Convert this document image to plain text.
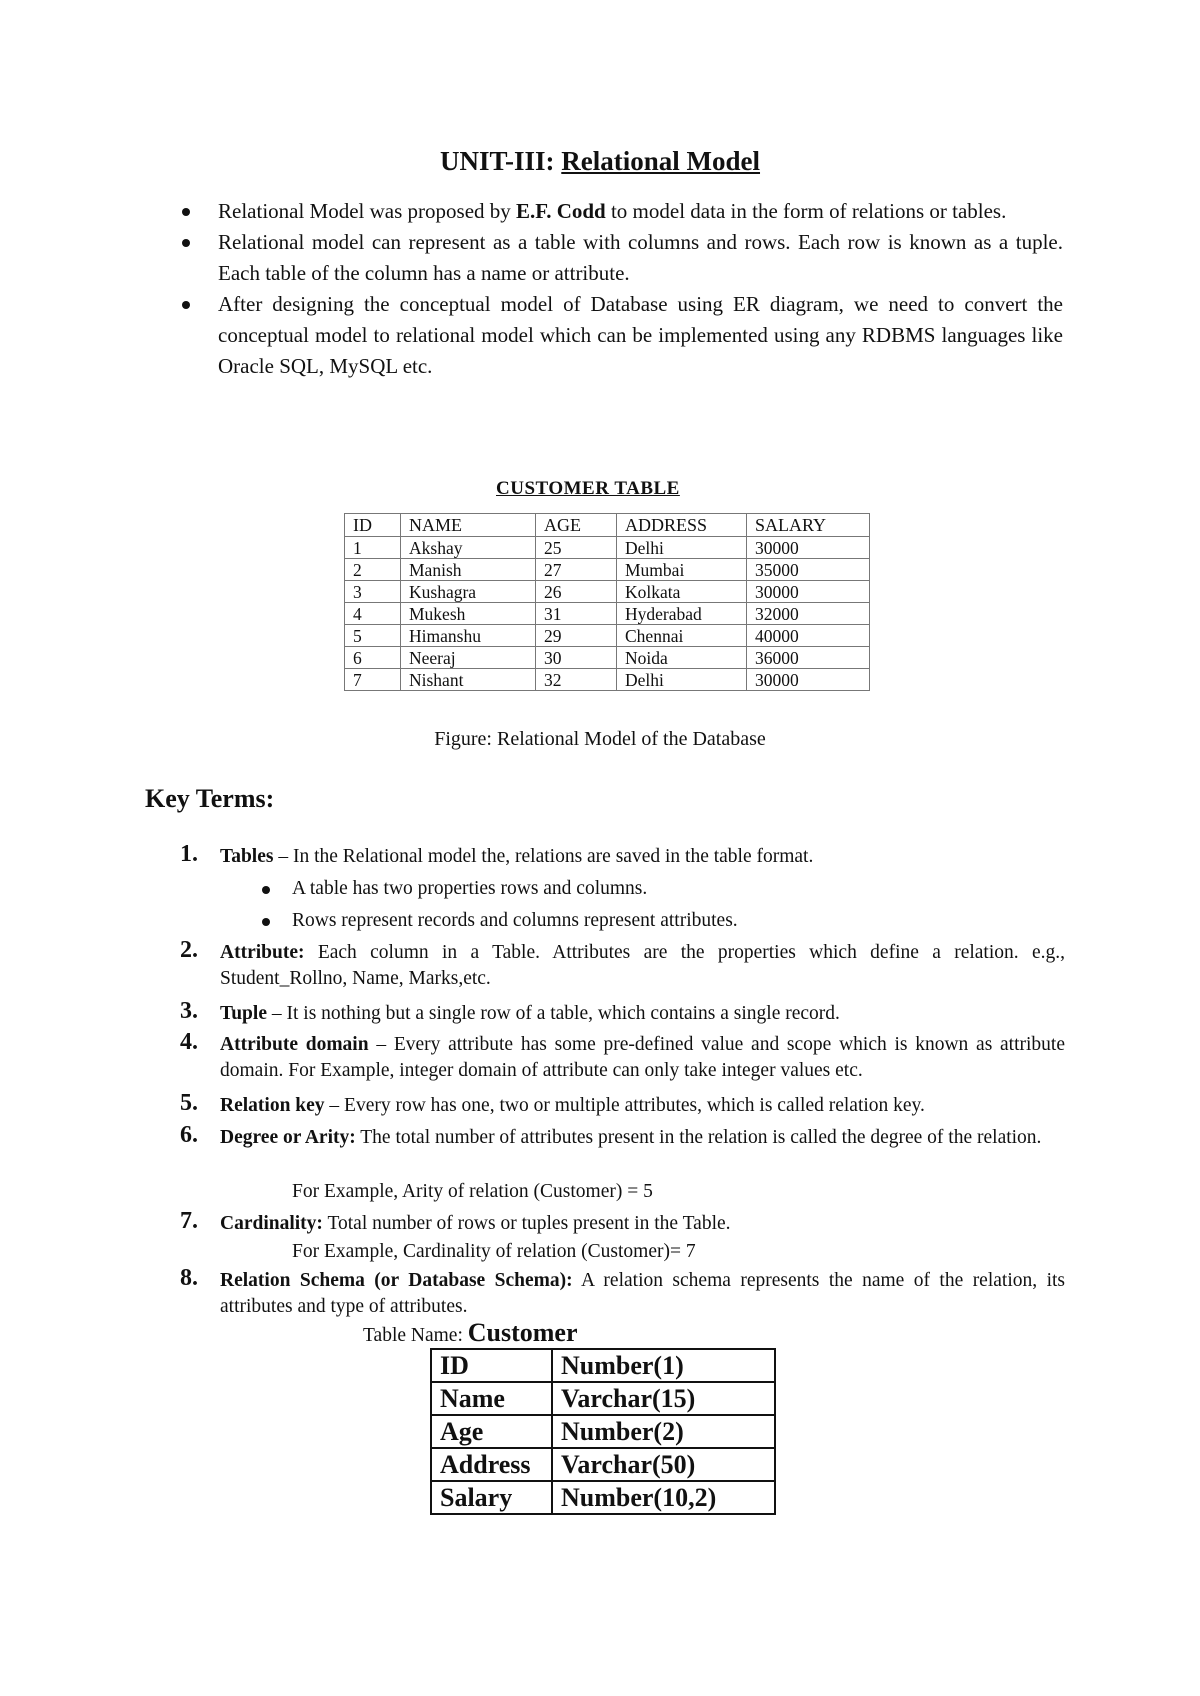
UNIT-III: Relational Model
Relational Model was proposed by E.F. Codd to model data in the form of relations or tables.
Relational model can represent as a table with columns and rows. Each row is known as a tuple. Each table of the column has a name or attribute.
After designing the conceptual model of Database using ER diagram, we need to convert the conceptual model to relational model which can be implemented using any RDBMS languages like Oracle SQL, MySQL etc.
CUSTOMER TABLE
ID	NAME	AGE	ADDRESS	SALARY
1	Akshay	25	Delhi	30000
2	Manish	27	Mumbai	35000
3	Kushagra	26	Kolkata	30000
4	Mukesh	31	Hyderabad	32000
5	Himanshu	29	Chennai	40000
6	Neeraj	30	Noida	36000
7	Nishant	32	Delhi	30000
Figure: Relational Model of the Database
Key Terms:
1. Tables – In the Relational model the, relations are saved in the table format.
A table has two properties rows and columns.
Rows represent records and columns represent attributes.
2. Attribute: Each column in a Table. Attributes are the properties which define a relation. e.g., Student_Rollno, Name, Marks,etc.
3. Tuple – It is nothing but a single row of a table, which contains a single record.
4. Attribute domain – Every attribute has some pre-defined value and scope which is known as attribute domain. For Example, integer domain of attribute can only take integer values etc.
5. Relation key – Every row has one, two or multiple attributes, which is called relation key.
6. Degree or Arity: The total number of attributes present in the relation is called the degree of the relation.
For Example, Arity of relation (Customer) = 5
7. Cardinality: Total number of rows or tuples present in the Table.
For Example, Cardinality of relation (Customer)= 7
8. Relation Schema (or Database Schema): A relation schema represents the name of the relation, its attributes and type of attributes.
Table Name: Customer
ID	Number(1)
Name	Varchar(15)
Age	Number(2)
Address	Varchar(50)
Salary	Number(10,2)
